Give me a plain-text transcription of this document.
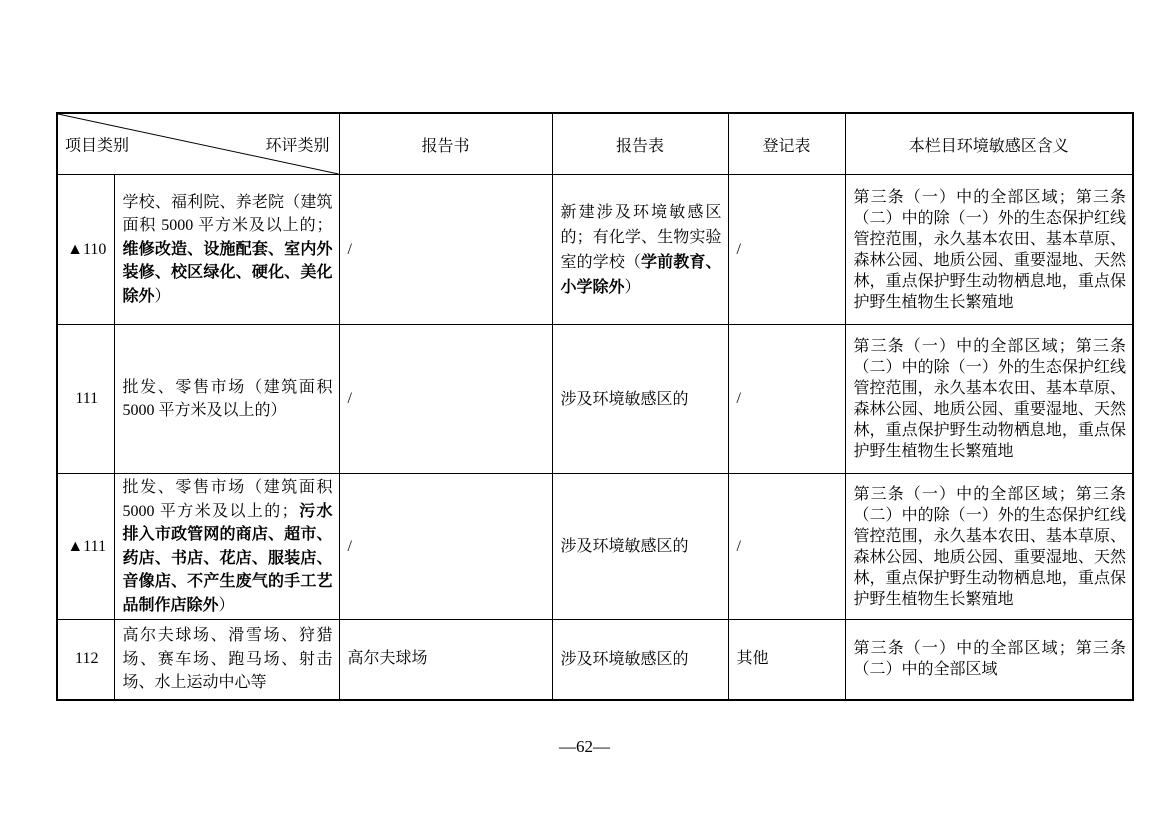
项目类别 环评类别		报告书	报告表	登记表	本栏目环境敏感区含义
▲110	学校、福利院、养老院（建筑面积 5000 平方米及以上的；维修改造、设施配套、室内外装修、校区绿化、硬化、美化除外）	/	新建涉及环境敏感区的；有化学、生物实验室的学校（学前教育、小学除外）	/	第三条（一）中的全部区域；第三条（二）中的除（一）外的生态保护红线管控范围，永久基本农田、基本草原、森林公园、地质公园、重要湿地、天然林，重点保护野生动物栖息地，重点保护野生植物生长繁殖地
111	批发、零售市场（建筑面积 5000 平方米及以上的）	/	涉及环境敏感区的	/	第三条（一）中的全部区域；第三条（二）中的除（一）外的生态保护红线管控范围，永久基本农田、基本草原、森林公园、地质公园、重要湿地、天然林，重点保护野生动物栖息地，重点保护野生植物生长繁殖地
▲111	批发、零售市场（建筑面积 5000 平方米及以上的；污水排入市政管网的商店、超市、药店、书店、花店、服装店、音像店、不产生废气的手工艺品制作店除外）	/	涉及环境敏感区的	/	第三条（一）中的全部区域；第三条（二）中的除（一）外的生态保护红线管控范围，永久基本农田、基本草原、森林公园、地质公园、重要湿地、天然林，重点保护野生动物栖息地，重点保护野生植物生长繁殖地
112	高尔夫球场、滑雪场、狩猎场、赛车场、跑马场、射击场、水上运动中心等	高尔夫球场	涉及环境敏感区的	其他	第三条（一）中的全部区域；第三条（二）中的全部区域
—62—
